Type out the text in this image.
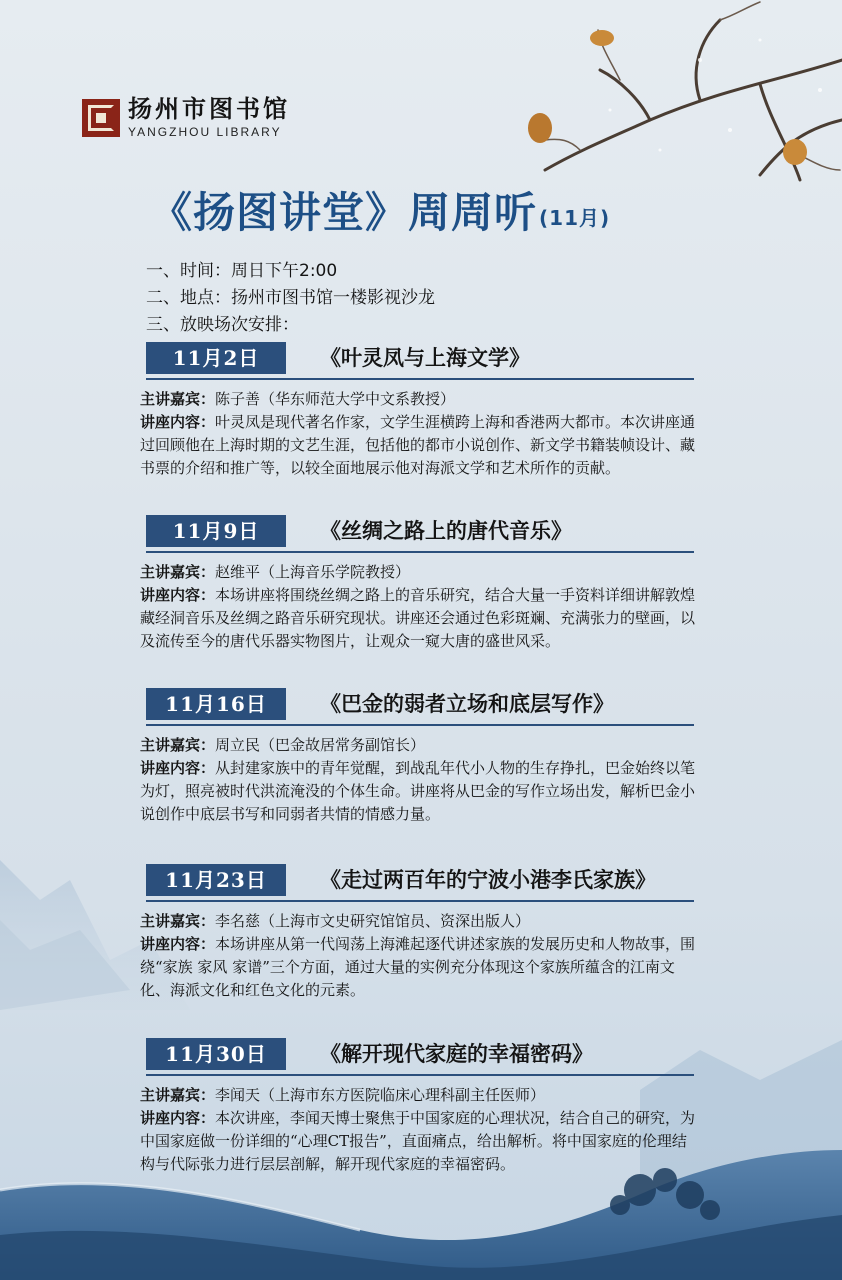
扬州市图书馆
YANGZHOU LIBRARY
《扬图讲堂》周周听 (11月)
一、时间：周日下午2:00
二、地点：扬州市图书馆一楼影视沙龙
三、放映场次安排：
11月2日	《叶灵凤与上海文学》
主讲嘉宾：陈子善（华东师范大学中文系教授）
讲座内容：叶灵凤是现代著名作家，文学生涯横跨上海和香港两大都市。本次讲座通过回顾他在上海时期的文艺生涯，包括他的都市小说创作、新文学书籍装帧设计、藏书票的介绍和推广等，以较全面地展示他对海派文学和艺术所作的贡献。
11月9日	《丝绸之路上的唐代音乐》
主讲嘉宾：赵维平（上海音乐学院教授）
讲座内容：本场讲座将围绕丝绸之路上的音乐研究，结合大量一手资料详细讲解敦煌藏经洞音乐及丝绸之路音乐研究现状。讲座还会通过色彩斑斓、充满张力的壁画，以及流传至今的唐代乐器实物图片，让观众一窥大唐的盛世风采。
11月16日	《巴金的弱者立场和底层写作》
主讲嘉宾：周立民（巴金故居常务副馆长）
讲座内容：从封建家族中的青年觉醒，到战乱年代小人物的生存挣扎，巴金始终以笔为灯，照亮被时代洪流淹没的个体生命。讲座将从巴金的写作立场出发，解析巴金小说创作中底层书写和同弱者共情的情感力量。
11月23日	《走过两百年的宁波小港李氏家族》
主讲嘉宾：李名慈（上海市文史研究馆馆员、资深出版人）
讲座内容：本场讲座从第一代闯荡上海滩起逐代讲述家族的发展历史和人物故事，围绕“家族 家风 家谱”三个方面，通过大量的实例充分体现这个家族所蕴含的江南文化、海派文化和红色文化的元素。
11月30日	《解开现代家庭的幸福密码》
主讲嘉宾：李闻天（上海市东方医院临床心理科副主任医师）
讲座内容：本次讲座，李闻天博士聚焦于中国家庭的心理状况，结合自己的研究，为中国家庭做一份详细的“心理CT报告”，直面痛点，给出解析。将中国家庭的伦理结构与代际张力进行层层剖解，解开现代家庭的幸福密码。
